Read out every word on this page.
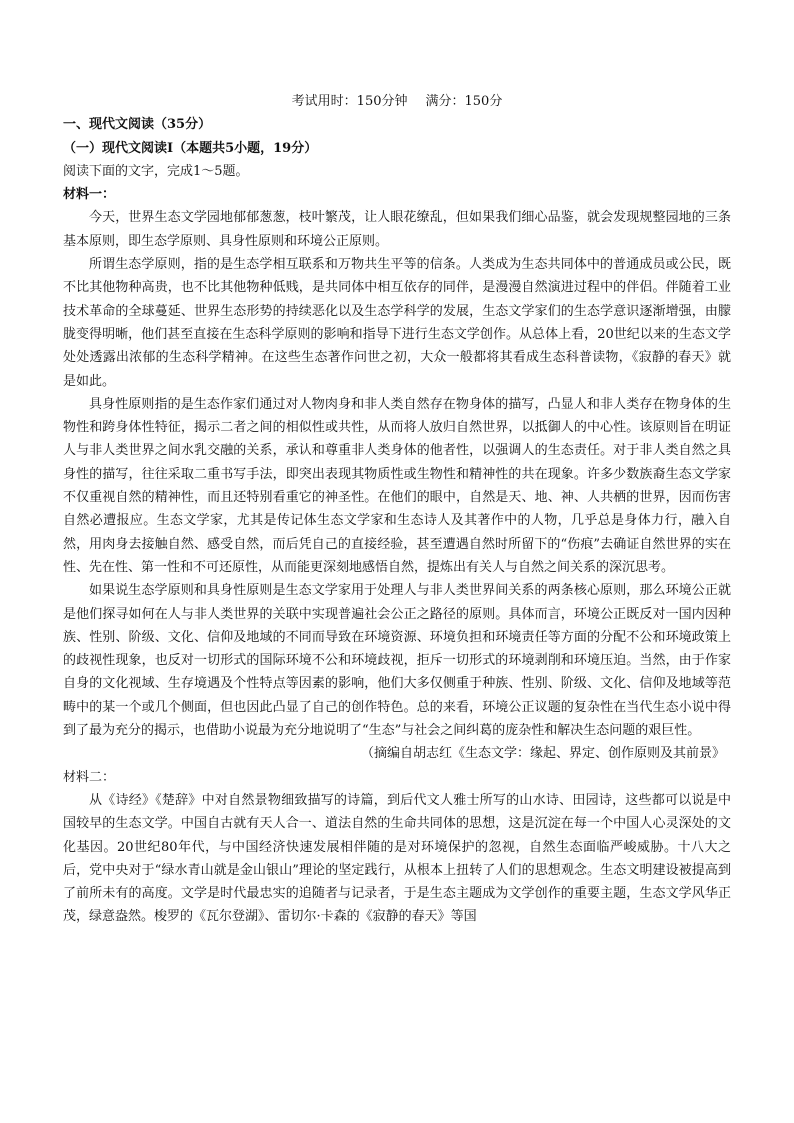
考试用时：150分钟 满分：150分

一、现代文阅读（35分）

（一）现代文阅读Ⅰ（本题共5小题，19分）

阅读下面的文字，完成1～5题。

材料一：

今天，世界生态文学园地郁郁葱葱，枝叶繁茂，让人眼花缭乱，但如果我们细心品鉴，就会发现规整园地的三条基本原则，即生态学原则、具身性原则和环境公正原则。

所谓生态学原则，指的是生态学相互联系和万物共生平等的信条。人类成为生态共同体中的普通成员或公民，既不比其他物种高贵，也不比其他物种低贱，是共同体中相互依存的同伴，是漫漫自然演进过程中的伴侣。伴随着工业技术革命的全球蔓延、世界生态形势的持续恶化以及生态学科学的发展，生态文学家们的生态学意识逐渐增强，由朦胧变得明晰，他们甚至直接在生态科学原则的影响和指导下进行生态文学创作。从总体上看，20世纪以来的生态文学处处透露出浓郁的生态科学精神。在这些生态著作问世之初，大众一般都将其看成生态科普读物，《寂静的春天》就是如此。

具身性原则指的是生态作家们通过对人物肉身和非人类自然存在物身体的描写，凸显人和非人类存在物身体的生物性和跨身体性特征，揭示二者之间的相似性或共性，从而将人放归自然世界，以抵御人的中心性。该原则旨在明证人与非人类世界之间水乳交融的关系，承认和尊重非人类身体的他者性，以强调人的生态责任。对于非人类自然之具身性的描写，往往采取二重书写手法，即突出表现其物质性或生物性和精神性的共在现象。许多少数族裔生态文学家不仅重视自然的精神性，而且还特别看重它的神圣性。在他们的眼中，自然是天、地、神、人共栖的世界，因而伤害自然必遭报应。生态文学家，尤其是传记体生态文学家和生态诗人及其著作中的人物，几乎总是身体力行，融入自然，用肉身去接触自然、感受自然，而后凭自己的直接经验，甚至遭遇自然时所留下的“伤痕”去确证自然世界的实在性、先在性、第一性和不可还原性，从而能更深刻地感悟自然，提炼出有关人与自然之间关系的深沉思考。

如果说生态学原则和具身性原则是生态文学家用于处理人与非人类世界间关系的两条核心原则，那么环境公正就是他们探寻如何在人与非人类世界的关联中实现普遍社会公正之路径的原则。具体而言，环境公正既反对一国内因种族、性别、阶级、文化、信仰及地域的不同而导致在环境资源、环境负担和环境责任等方面的分配不公和环境政策上的歧视性现象，也反对一切形式的国际环境不公和环境歧视，拒斥一切形式的环境剥削和环境压迫。当然，由于作家自身的文化视域、生存境遇及个性特点等因素的影响，他们大多仅侧重于种族、性别、阶级、文化、信仰及地域等范畴中的某一个或几个侧面，但也因此凸显了自己的创作特色。总的来看，环境公正议题的复杂性在当代生态小说中得到了最为充分的揭示，也借助小说最为充分地说明了“生态”与社会之间纠葛的庞杂性和解决生态问题的艰巨性。

（摘编自胡志红《生态文学：缘起、界定、创作原则及其前景》

材料二：

从《诗经》《楚辞》中对自然景物细致描写的诗篇，到后代文人雅士所写的山水诗、田园诗，这些都可以说是中国较早的生态文学。中国自古就有天人合一、道法自然的生命共同体的思想，这是沉淀在每一个中国人心灵深处的文化基因。20世纪80年代，与中国经济快速发展相伴随的是对环境保护的忽视，自然生态面临严峻威胁。十八大之后，党中央对于“绿水青山就是金山银山”理论的坚定践行，从根本上扭转了人们的思想观念。生态文明建设被提高到了前所未有的高度。文学是时代最忠实的追随者与记录者，于是生态主题成为文学创作的重要主题，生态文学风华正茂，绿意盎然。梭罗的《瓦尔登湖》、雷切尔·卡森的《寂静的春天》等国
